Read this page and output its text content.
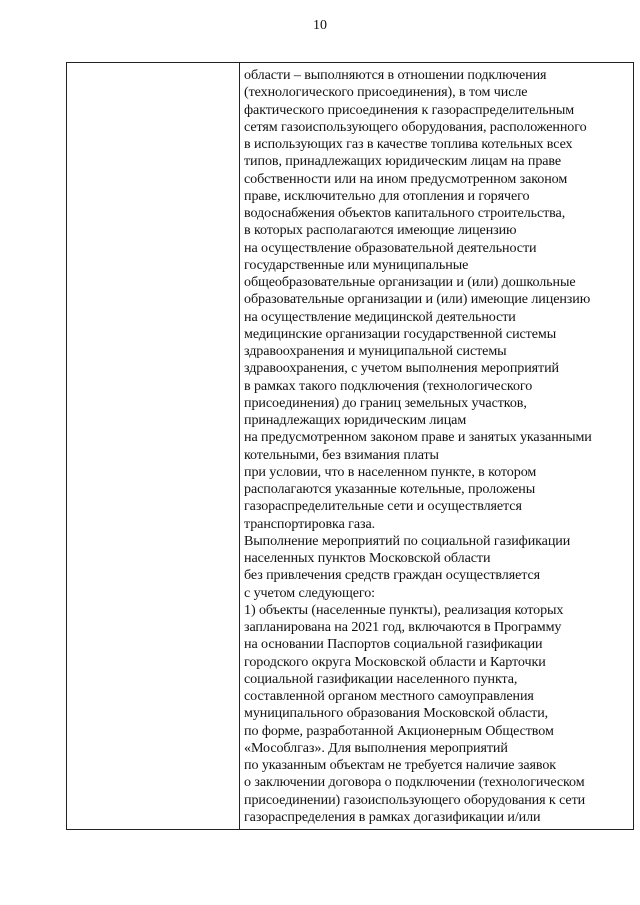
10
области – выполняются в отношении подключения
(технологического присоединения), в том числе
фактического присоединения к газораспределительным
сетям газоиспользующего оборудования, расположенного
в использующих газ в качестве топлива котельных всех
типов, принадлежащих юридическим лицам на праве
собственности или на ином предусмотренном законом
праве, исключительно для отопления и горячего
водоснабжения объектов капитального строительства,
в которых располагаются имеющие лицензию
на осуществление образовательной деятельности
государственные или муниципальные
общеобразовательные организации и (или) дошкольные
образовательные организации и (или) имеющие лицензию
на осуществление медицинской деятельности
медицинские организации государственной системы
здравоохранения и муниципальной системы
здравоохранения, с учетом выполнения мероприятий
в рамках такого подключения (технологического
присоединения) до границ земельных участков,
принадлежащих юридическим лицам
на предусмотренном законом праве и занятых указанными
котельными, без взимания платы
при условии, что в населенном пункте, в котором
располагаются указанные котельные, проложены
газораспределительные сети и осуществляется
транспортировка газа.
Выполнение мероприятий по социальной газификации
населенных пунктов Московской области
без привлечения средств граждан осуществляется
с учетом следующего:
1) объекты (населенные пункты), реализация которых
запланирована на 2021 год, включаются в Программу
на основании Паспортов социальной газификации
городского округа Московской области и Карточки
социальной газификации населенного пункта,
составленной органом местного самоуправления
муниципального образования Московской области,
по форме, разработанной Акционерным Обществом
«Мособлгаз». Для выполнения мероприятий
по указанным объектам не требуется наличие заявок
о заключении договора о подключении (технологическом
присоединении) газоиспользующего оборудования к сети
газораспределения в рамках догазификации и/или
